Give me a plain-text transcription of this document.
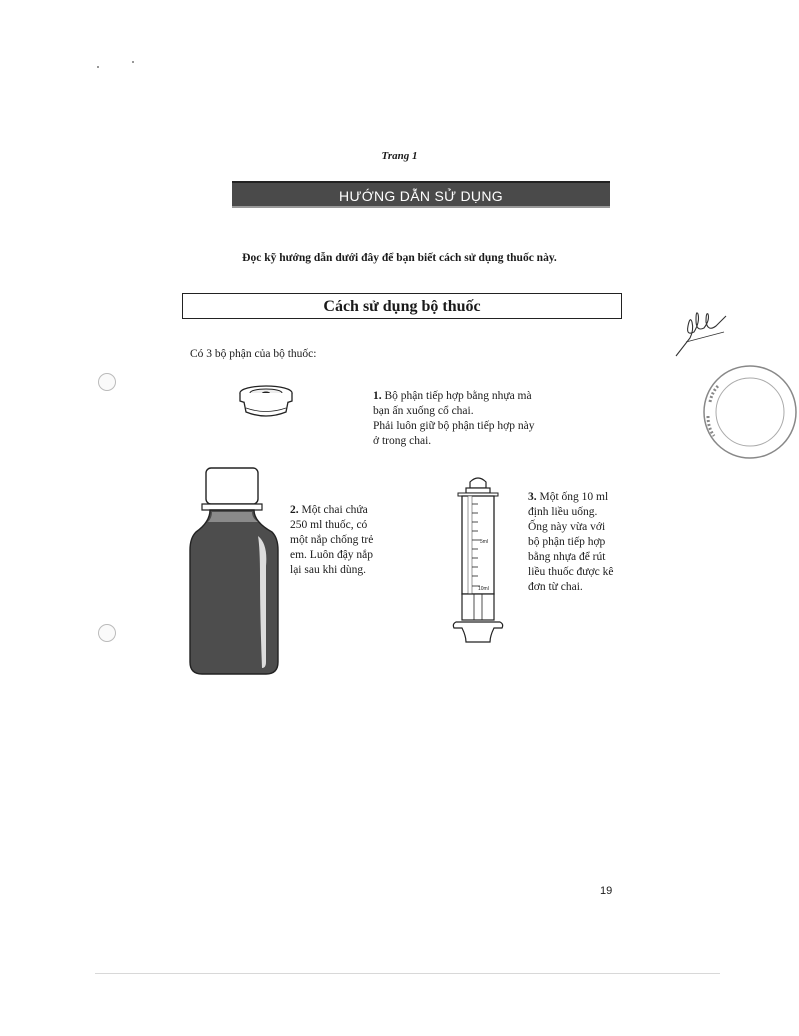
Trang 1
HƯỚNG DẪN SỬ DỤNG
Đọc kỹ hướng dẫn dưới đây để bạn biết cách sử dụng thuốc này.
Cách sử dụng bộ thuốc
Có 3 bộ phận của bộ thuốc:
1. Bộ phận tiếp hợp bằng nhựa mà
bạn ấn xuống cổ chai.
Phải luôn giữ bộ phận tiếp hợp này
ở trong chai.
2. Một chai chứa
250 ml thuốc, có
một nắp chống trẻ
em. Luôn đậy nắp
lại sau khi dùng.
5ml
10ml
3. Một ống 10 ml
định liều uống.
Ống này vừa với
bộ phận tiếp hợp
bằng nhựa để rút
liều thuốc được kê
đơn từ chai.
19
